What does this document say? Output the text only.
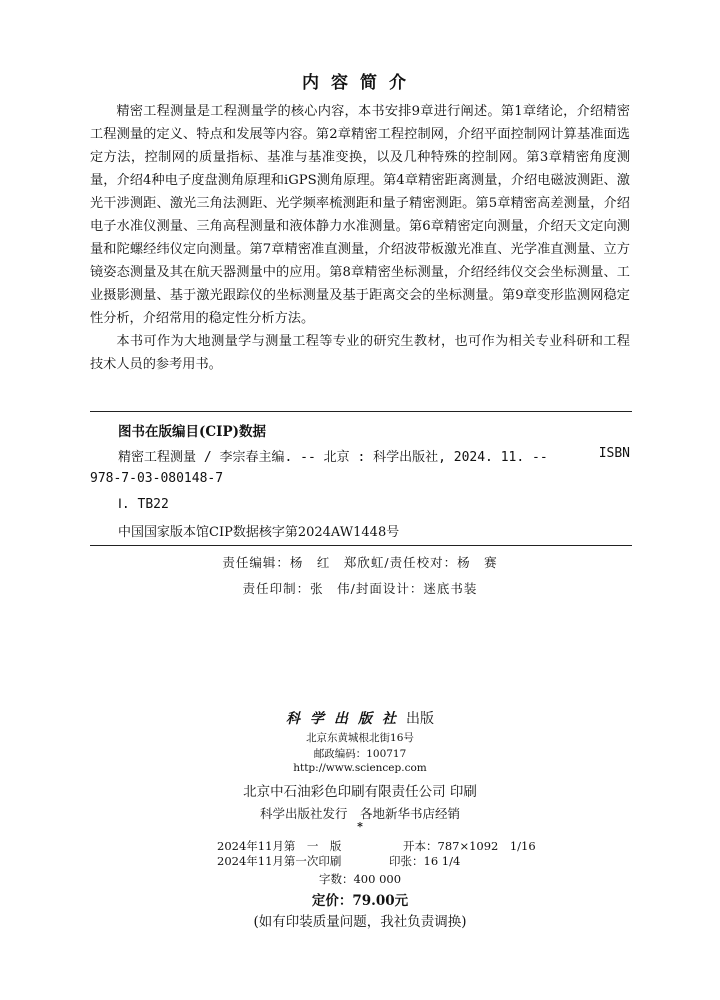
内容简介

精密工程测量是工程测量学的核心内容，本书安排9章进行阐述。第1章绪论，介绍精密工程测量的定义、特点和发展等内容。第2章精密工程控制网，介绍平面控制网计算基准面选定方法，控制网的质量指标、基准与基准变换，以及几种特殊的控制网。第3章精密角度测量，介绍4种电子度盘测角原理和iGPS测角原理。第4章精密距离测量，介绍电磁波测距、激光干涉测距、激光三角法测距、光学频率梳测距和量子精密测距。第5章精密高差测量，介绍电子水准仪测量、三角高程测量和液体静力水准测量。第6章精密定向测量，介绍天文定向测量和陀螺经纬仪定向测量。第7章精密准直测量，介绍波带板激光准直、光学准直测量、立方镜姿态测量及其在航天器测量中的应用。第8章精密坐标测量，介绍经纬仪交会坐标测量、工业摄影测量、基于激光跟踪仪的坐标测量及基于距离交会的坐标测量。第9章变形监测网稳定性分析，介绍常用的稳定性分析方法。

本书可作为大地测量学与测量工程等专业的研究生教材，也可作为相关专业科研和工程技术人员的参考用书。

图书在版编目(CIP)数据
精密工程测量 / 李宗春主编. -- 北京 : 科学出版社, 2024. 11. --	ISBN
978-7-03-080148-7
Ⅰ. TB22
中国国家版本馆CIP数据核字第2024AW1448号
责任编辑：杨　红　郑欣虹/责任校对：杨　赛
责任印制：张　伟/封面设计：迷底书装
科学出版社出版
北京东黄城根北街16号
邮政编码：100717
http://www.sciencep.com
北京中石油彩色印刷有限责任公司 印刷
科学出版社发行　各地新华书店经销
*
2024年11月第　一　版	开本：787×1092　1/16
2024年11月第一次印刷	印张：16 1/4
字数：400 000
定价：79.00元
(如有印装质量问题，我社负责调换)
